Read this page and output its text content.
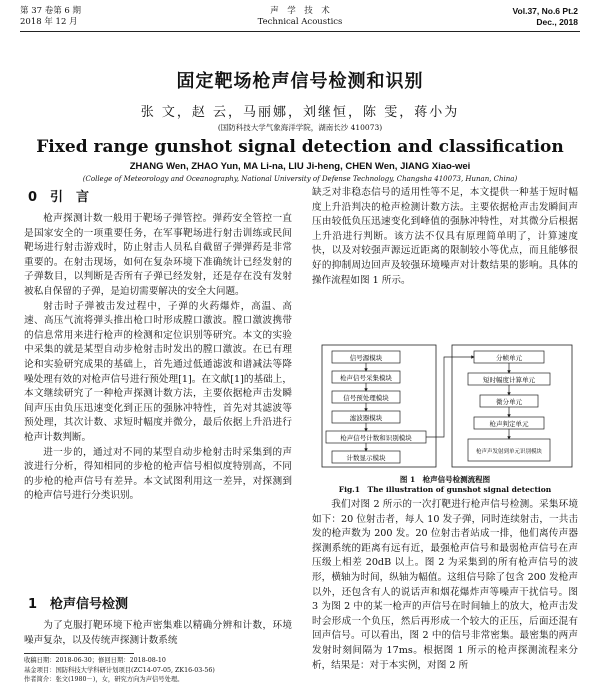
第 37 卷第 6 期
2018 年 12 月
声　学　技　术
Technical Acoustics
Vol.37, No.6 Pt.2
Dec., 2018
固定靶场枪声信号检测和识别
张 文，赵 云，马丽娜，刘继恒，陈 雯，蒋小为
(国防科技大学气象海洋学院，湖南长沙 410073)
Fixed range gunshot signal detection and classification
ZHANG Wen, ZHAO Yun, MA Li-na, LIU Ji-heng, CHEN Wen, JIANG Xiao-wei
(College of Meteorology and Oceanography, National University of Defense Technology, Changsha 410073, Hunan, China)
0　引　言

枪声探测计数一般用于靶场子弹管控。弹药安全管控一直是国家安全的一项重要任务，在军事靶场进行射击训练或民间靶场进行射击游戏时，防止射击人员私自截留子弹弹药是非常重要的。在射击现场，如何在复杂环境下准确统计已经发射的子弹数目，以判断是否所有子弹已经发射，还是存在没有发射被私自保留的子弹，是迫切需要解决的安全大问题。

射击时子弹被击发过程中，子弹的火药爆炸，高温、高速、高压气流将弹头推出枪口时形成膛口激波。膛口激波携带的信息常用来进行枪声的检测和定位识别等研究。本文的实验中采集的就是某型自动步枪射击时发出的膛口激波。在已有理论和实验研究成果的基础上，首先通过低通滤波和谱减法等降噪处理有效的对枪声信号进行预处理[1]。在文献[1]的基础上，本文继续研究了一种枪声探测计数方法，主要依据枪声击发瞬间声压由负压迅速变化到正压的强脉冲特性，首先对其滤波等预处理，其次计数、求短时幅度并微分，最后依据上升沿进行枪声计数判断。

进一步的，通过对不同的某型自动步枪射击时采集到的声波进行分析，得知相同的步枪的枪声信号相似度特别高，不同的步枪的枪声信号有差异。本文试图利用这一差异，对探测到的枪声信号进行分类识别。

1　枪声信号检测

为了克服打靶环境下枪声密集难以精确分辨和计数，环境噪声复杂，以及传统声探测计数系统

收稿日期：2018-06-30；修回日期：2018-08-10
基金项目：国防科技大学科研计划项目(ZC14-07-05, ZK16-03-56)
作者简介：张文(1980－)，女，研究方向为声信号处理。

缺乏对非稳态信号的适用性等不足，本文提供一种基于短时幅度上升沿判决的枪声检测计数方法。主要依据枪声击发瞬间声压由较低负压迅速变化到峰值的强脉冲特性，对其微分后根据上升沿进行判断。该方法不仅具有原理简单明了，计算速度快，以及对较强声源远近距离的限制较小等优点，而且能够很好的抑制周边回声及较强环境噪声对计数结果的影响。具体的操作流程如图 1 所示。

信号源模块
枪声信号采集模块
信号预处理模块
滤波器模块
枪声信号计数和识别模块
计数显示模块
分帧单元
短时幅度计算单元
微分单元
枪声判定单元
枪声声发射到单元识别模块
图 1　枪声信号检测流程图
Fig.1　The illustration of gunshot signal detection

我们对图 2 所示的一次打靶进行枪声信号检测。采集环境如下：20 位射击者，每人 10 发子弹，同时连续射击，一共击发的枪声数为 200 发。20 位射击者站成一排，他们离传声器探测系统的距离有远有近，最强枪声信号和最弱枪声信号在声压级上相差 20dB 以上。图 2 为采集到的所有枪声信号的波形，横轴为时间，纵轴为幅值。这组信号除了包含 200 发枪声以外，还包含有人的说话声和烟花爆炸声等噪声干扰信号。图 3 为图 2 中的某一枪声的声信号在时间轴上的放大，枪声击发时会形成一个负压，然后再形成一个较大的正压，后面还混有回声信号。可以看出，图 2 中的信号非常密集。最密集的两声发射时刻间隔为 17ms。根据图 1 所示的枪声探测流程来分析，结果是：对于本实例，对图 2 所
